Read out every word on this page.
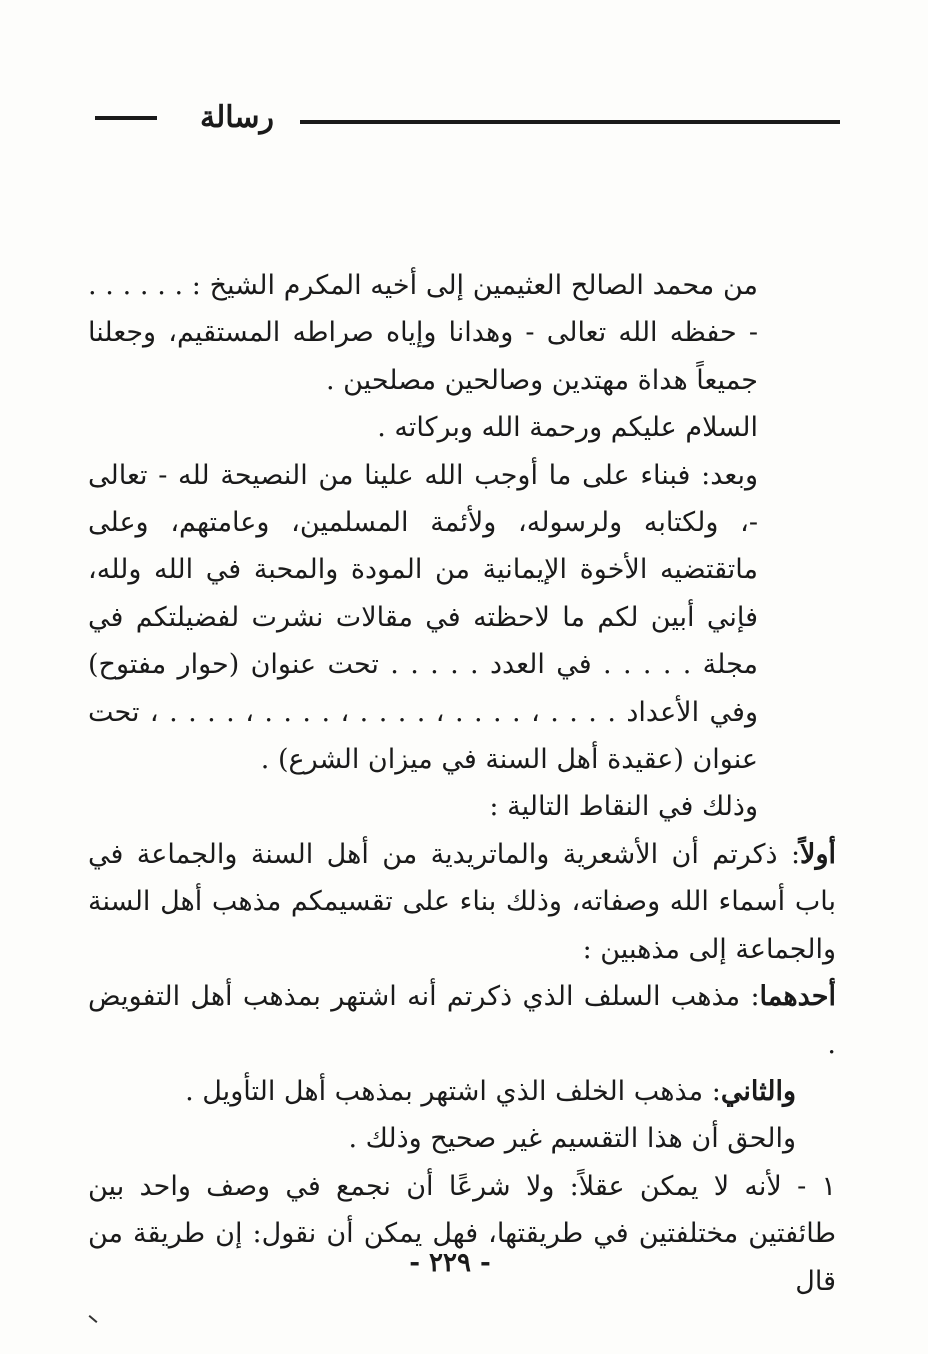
رسالة

من محمد الصالح العثيمين إلى أخيه المكرم الشيخ : . . . . . . - حفظه الله تعالى - وهدانا وإياه صراطه المستقيم، وجعلنا جميعاً هداة مهتدين وصالحين مصلحين .

السلام عليكم ورحمة الله وبركاته .

وبعد: فبناء على ما أوجب الله علينا من النصيحة لله - تعالى -، ولكتابه ولرسوله، ولأئمة المسلمين، وعامتهم، وعلى ماتقتضيه الأخوة الإيمانية من المودة والمحبة في الله ولله، فإني أبين لكم ما لاحظته في مقالات نشرت لفضيلتكم في مجلة . . . . . في العدد . . . . . تحت عنوان (حوار مفتوح) وفي الأعداد . . . . ، . . . . ، . . . . ، . . . . ، . . . . ، تحت عنوان (عقيدة أهل السنة في ميزان الشرع) .

وذلك في النقاط التالية :

أولاً: ذكرتم أن الأشعرية والماتريدية من أهل السنة والجماعة في باب أسماء الله وصفاته، وذلك بناء على تقسيمكم مذهب أهل السنة والجماعة إلى مذهبين :

أحدهما: مذهب السلف الذي ذكرتم أنه اشتهر بمذهب أهل التفويض .

والثاني: مذهب الخلف الذي اشتهر بمذهب أهل التأويل .

والحق أن هذا التقسيم غير صحيح وذلك .

١ - لأنه لا يمكن عقلاً: ولا شرعًا أن نجمع في وصف واحد بين طائفتين مختلفتين في طريقتها، فهل يمكن أن نقول: إن طريقة من قال

- ٢٢٩ -
